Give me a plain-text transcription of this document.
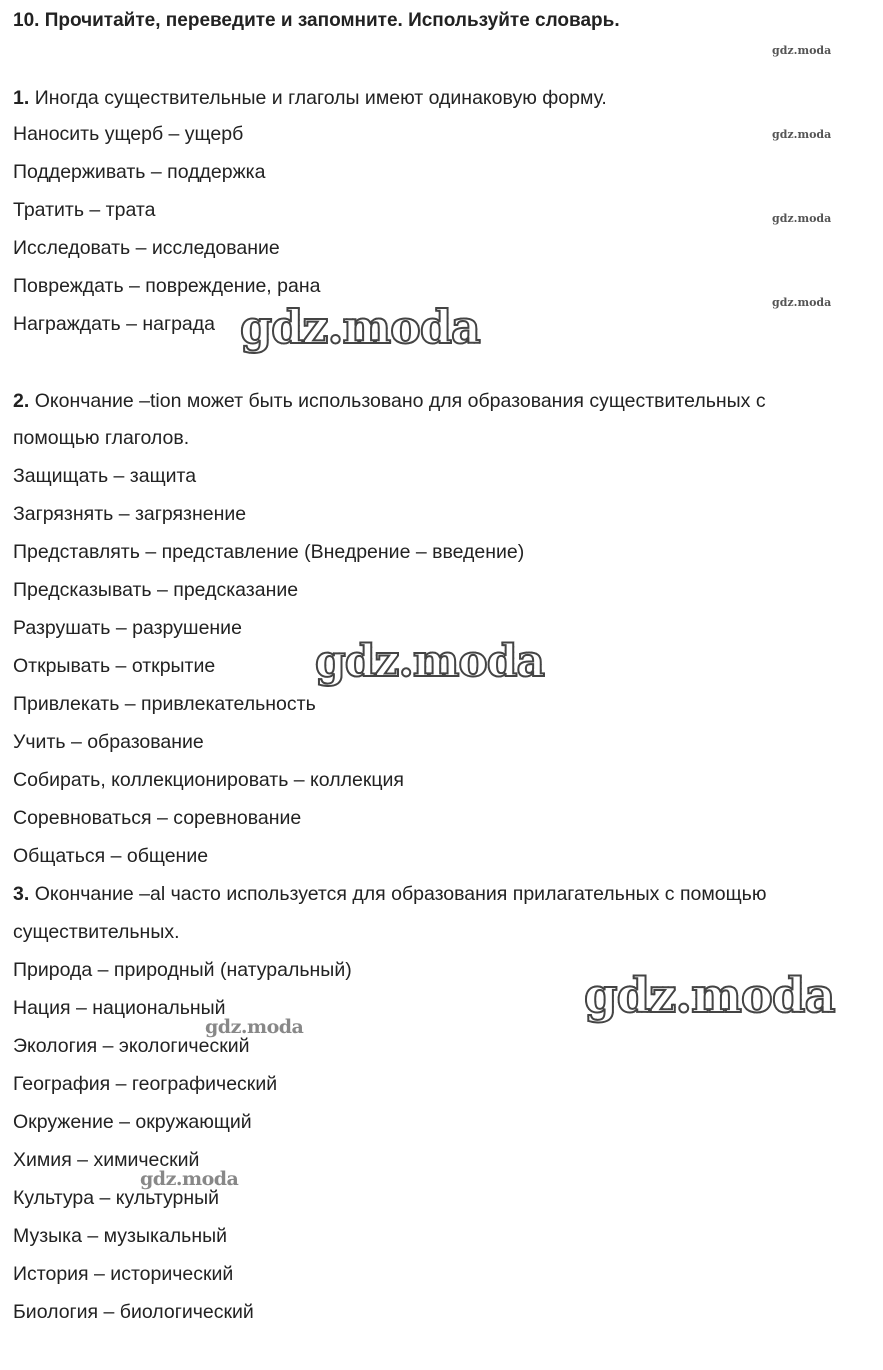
10. Прочитайте, переведите и запомните. Используйте словарь.
1. Иногда существительные и глаголы имеют одинаковую форму.
Наносить ущерб – ущерб
Поддерживать – поддержка
Тратить – трата
Исследовать – исследование
Повреждать – повреждение, рана
Награждать – награда
2. Окончание –tion может быть использовано для образования существительных с
помощью глаголов.
Защищать – защита
Загрязнять – загрязнение
Представлять – представление (Внедрение – введение)
Предсказывать – предсказание
Разрушать – разрушение
Открывать – открытие
Привлекать – привлекательность
Учить – образование
Собирать, коллекционировать – коллекция
Соревноваться – соревнование
Общаться – общение
3. Окончание –al часто используется для образования прилагательных с помощью
существительных.
Природа – природный (натуральный)
Нация – национальный
Экология – экологический
География – географический
Окружение – окружающий
Химия – химический
Культура – культурный
Музыка – музыкальный
История – исторический
Биология – биологический
gdz.moda
gdz.moda
gdz.moda
gdz.moda
gdz.moda
gdz.moda
gdz.moda
gdz.moda
gdz.moda
